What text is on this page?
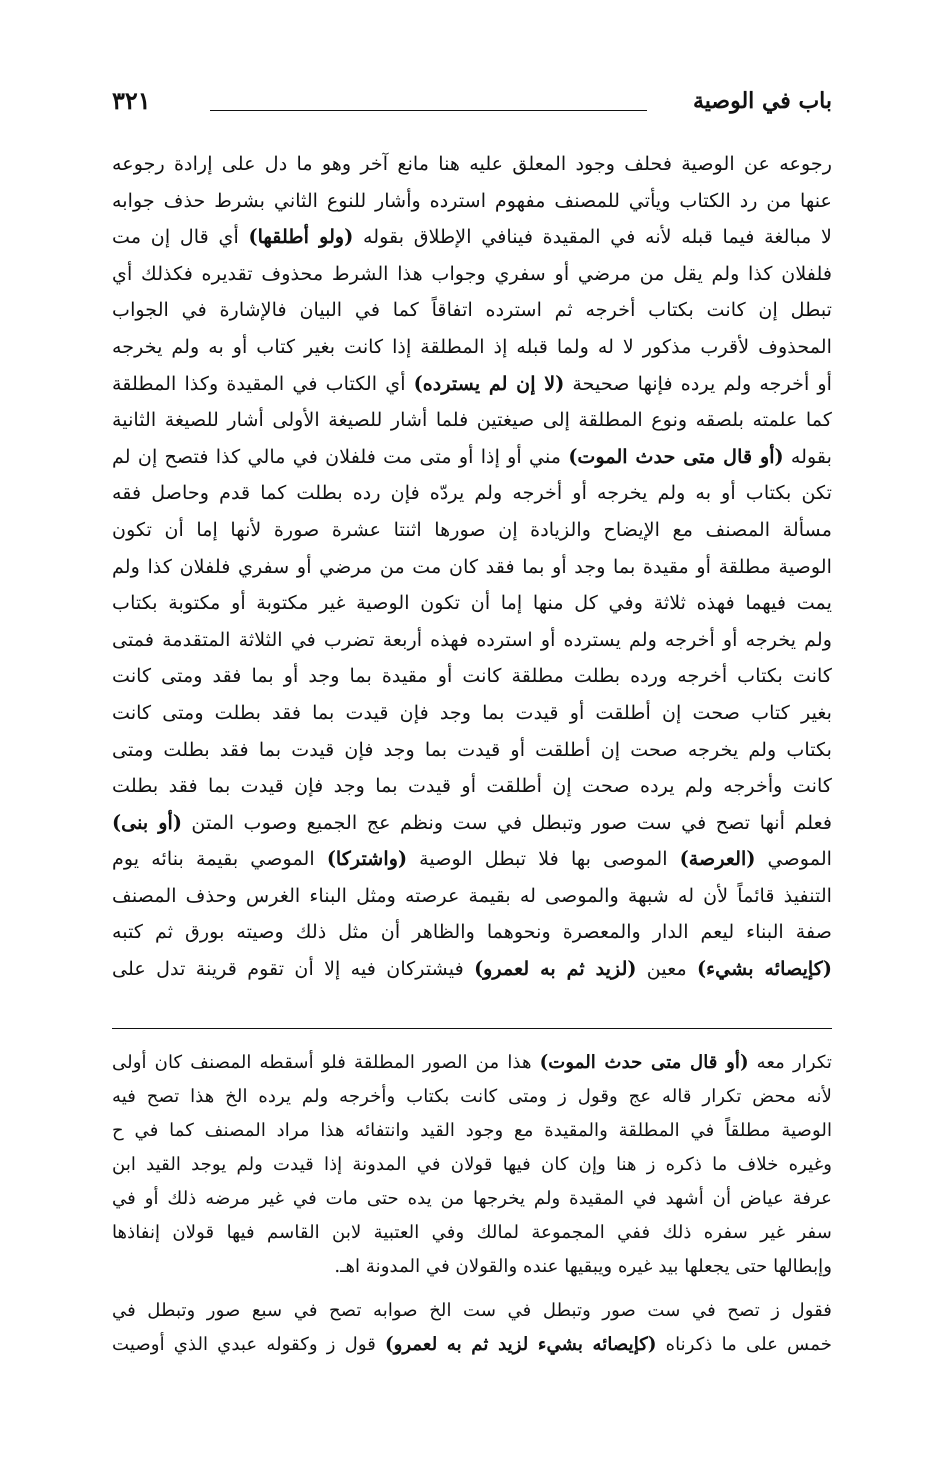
باب في الوصية
٣٢١
رجوعه عن الوصية فحلف وجود المعلق عليه هنا مانع آخر وهو ما دل على إرادة رجوعه
عنها من رد الكتاب ويأتي للمصنف مفهوم استرده وأشار للنوع الثاني بشرط حذف جوابه
لا مبالغة فيما قبله لأنه في المقيدة فينافي الإطلاق بقوله (ولو أطلقها) أي قال إن مت
فلفلان كذا ولم يقل من مرضي أو سفري وجواب هذا الشرط محذوف تقديره فكذلك أي
تبطل إن كانت بكتاب أخرجه ثم استرده اتفاقاً كما في البيان فالإشارة في الجواب
المحذوف لأقرب مذكور لا له ولما قبله إذ المطلقة إذا كانت بغير كتاب أو به ولم يخرجه
أو أخرجه ولم يرده فإنها صحيحة (لا إن لم يسترده) أي الكتاب في المقيدة وكذا المطلقة
كما علمته بلصقه ونوع المطلقة إلى صيغتين فلما أشار للصيغة الأولى أشار للصيغة الثانية
بقوله (أو قال متى حدث الموت) مني أو إذا أو متى مت فلفلان في مالي كذا فتصح إن لم
تكن بكتاب أو به ولم يخرجه أو أخرجه ولم يردّه فإن رده بطلت كما قدم وحاصل فقه
مسألة المصنف مع الإيضاح والزيادة إن صورها اثنتا عشرة صورة لأنها إما أن تكون
الوصية مطلقة أو مقيدة بما وجد أو بما فقد كان مت من مرضي أو سفري فلفلان كذا ولم
يمت فيهما فهذه ثلاثة وفي كل منها إما أن تكون الوصية غير مكتوبة أو مكتوبة بكتاب
ولم يخرجه أو أخرجه ولم يسترده أو استرده فهذه أربعة تضرب في الثلاثة المتقدمة فمتى
كانت بكتاب أخرجه ورده بطلت مطلقة كانت أو مقيدة بما وجد أو بما فقد ومتى كانت
بغير كتاب صحت إن أطلقت أو قيدت بما وجد فإن قيدت بما فقد بطلت ومتى كانت
بكتاب ولم يخرجه صحت إن أطلقت أو قيدت بما وجد فإن قيدت بما فقد بطلت ومتى
كانت وأخرجه ولم يرده صحت إن أطلقت أو قيدت بما وجد فإن قيدت بما فقد بطلت
فعلم أنها تصح في ست صور وتبطل في ست ونظم عج الجميع وصوب المتن (أو بنى)
الموصي (العرصة) الموصى بها فلا تبطل الوصية (واشتركا) الموصي بقيمة بنائه يوم
التنفيذ قائماً لأن له شبهة والموصى له بقيمة عرصته ومثل البناء الغرس وحذف المصنف
صفة البناء ليعم الدار والمعصرة ونحوهما والظاهر أن مثل ذلك وصيته بورق ثم كتبه
(كإيصائه بشيء) معين (لزيد ثم به لعمرو) فيشتركان فيه إلا أن تقوم قرينة تدل على
تكرار معه (أو قال متى حدث الموت) هذا من الصور المطلقة فلو أسقطه المصنف كان أولى
لأنه محض تكرار قاله عج وقول ز ومتى كانت بكتاب وأخرجه ولم يرده الخ هذا تصح فيه
الوصية مطلقاً في المطلقة والمقيدة مع وجود القيد وانتفائه هذا مراد المصنف كما في ح
وغيره خلاف ما ذكره ز هنا وإن كان فيها قولان في المدونة إذا قيدت ولم يوجد القيد ابن
عرفة عياض أن أشهد في المقيدة ولم يخرجها من يده حتى مات في غير مرضه ذلك أو في
سفر غير سفره ذلك ففي المجموعة لمالك وفي العتبية لابن القاسم فيها قولان إنفاذها
وإبطالها حتى يجعلها بيد غيره ويبقيها عنده والقولان في المدونة اهـ.
فقول ز تصح في ست صور وتبطل في ست الخ صوابه تصح في سبع صور وتبطل في
خمس على ما ذكرناه (كإيصائه بشيء لزيد ثم به لعمرو) قول ز وكقوله عبدي الذي أوصيت
